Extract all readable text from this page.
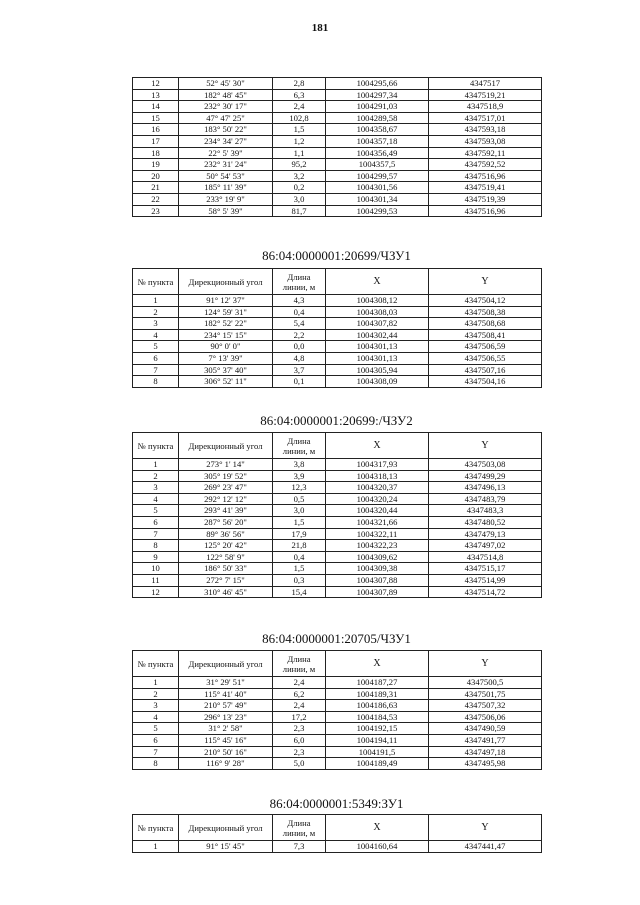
181
12	52° 45' 30"	2,8	1004295,66	4347517
13	182° 48' 45"	6,3	1004297,34	4347519,21
14	232° 30' 17"	2,4	1004291,03	4347518,9
15	47° 47' 25"	102,8	1004289,58	4347517,01
16	183° 50' 22"	1,5	1004358,67	4347593,18
17	234° 34' 27"	1,2	1004357,18	4347593,08
18	22° 5' 39"	1,1	1004356,49	4347592,11
19	232° 31' 24"	95,2	1004357,5	4347592,52
20	50° 54' 53"	3,2	1004299,57	4347516,96
21	185° 11' 39"	0,2	1004301,56	4347519,41
22	233° 19' 9"	3,0	1004301,34	4347519,39
23	58° 5' 39"	81,7	1004299,53	4347516,96
86:04:0000001:20699/ЧЗУ1
№ пункта	Дирекционный угол	Длина линии, м	X	Y
1	91° 12' 37"	4,3	1004308,12	4347504,12
2	124° 59' 31"	0,4	1004308,03	4347508,38
3	182° 52' 22"	5,4	1004307,82	4347508,68
4	234° 15' 15"	2,2	1004302,44	4347508,41
5	90° 0' 0"	0,0	1004301,13	4347506,59
6	7° 13' 39"	4,8	1004301,13	4347506,55
7	305° 37' 40"	3,7	1004305,94	4347507,16
8	306° 52' 11"	0,1	1004308,09	4347504,16
86:04:0000001:20699:/ЧЗУ2
№ пункта	Дирекционный угол	Длина линии, м	X	Y
1	273° 1' 14"	3,8	1004317,93	4347503,08
2	305° 19' 52"	3,9	1004318,13	4347499,29
3	269° 23' 47"	12,3	1004320,37	4347496,13
4	292° 12' 12"	0,5	1004320,24	4347483,79
5	293° 41' 39"	3,0	1004320,44	4347483,3
6	287° 56' 20"	1,5	1004321,66	4347480,52
7	89° 36' 56"	17,9	1004322,11	4347479,13
8	125° 20' 42"	21,8	1004322,23	4347497,02
9	122° 58' 9"	0,4	1004309,62	4347514,8
10	186° 50' 33"	1,5	1004309,38	4347515,17
11	272° 7' 15"	0,3	1004307,88	4347514,99
12	310° 46' 45"	15,4	1004307,89	4347514,72
86:04:0000001:20705/ЧЗУ1
№ пункта	Дирекционный угол	Длина линии, м	X	Y
1	31° 29' 51"	2,4	1004187,27	4347500,5
2	115° 41' 40"	6,2	1004189,31	4347501,75
3	210° 57' 49"	2,4	1004186,63	4347507,32
4	296° 13' 23"	17,2	1004184,53	4347506,06
5	31° 2' 58"	2,3	1004192,15	4347490,59
6	115° 45' 16"	6,0	1004194,11	4347491,77
7	210° 50' 16"	2,3	1004191,5	4347497,18
8	116° 9' 28"	5,0	1004189,49	4347495,98
86:04:0000001:5349:ЗУ1
№ пункта	Дирекционный угол	Длина линии, м	X	Y
1	91° 15' 45"	7,3	1004160,64	4347441,47
